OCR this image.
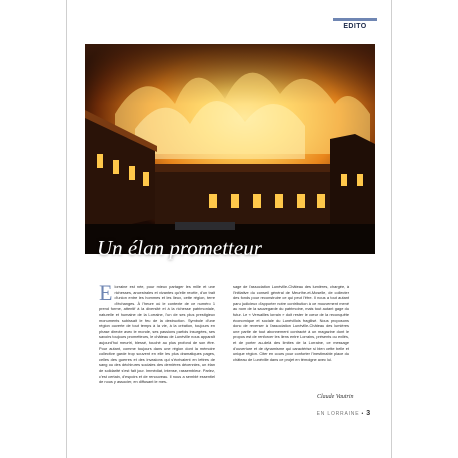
EDITO
Un élan prometteur

Elorraine est née, pour mieux partager les mille et une richesses, ancestrales et vivantes qu'elle recèle, d'un trait d'union entre les hommes et les lieux, cette région, terre d'échanges. À l'heure où le contexte de ce numéro 1 prend forme, attentif à la diversité et à la richesse patrimoniale, naturelle et humaine de la Lorraine, l'un de ses plus prestigieux monuments subissait le feu de la destruction. Symbole d'une région ouverte de tout temps à la vie, à la création, toujours en phase directe avec le monde, ses passions parfois insurgées, ses savoirs toujours prometteurs, le château de Lunéville nous apparaît aujourd'hui meurtri, blessé, touché au plus profond de son être. Pour autant, comme toujours dans une région dont la mémoire collective garde trop souvent en elle les plus dramatiques pages, celles des guerres et des invasions qui s'écrivaient en lettres de sang ou des déchirures sociales des dernières décennies, un élan de solidarité s'est fait jour. Immédiat, intense, rassembleur. Parlez, c'est certain, d'espoirs et de renouveau. Il nous a semblé essentiel de nous y associer, en diffusant le mes-

sage de l'association Lunéville-Château des lumières, chargée, à l'initiative du conseil général de Meurthe-et-Moselle, de collecter des fonds pour reconstruire ce qui peut l'être. Il nous a tout autant paru judicieux d'apporter notre contribution à ce mouvement mené au nom de la sauvegarde du patrimoine, mais tout autant gage du futur. Le « Versailles lorrain » doit rester le cœur de la reconquête économique et sociale du Lunévillois fragilisé. Nous proposons donc de reverser à l'association Lunéville-Château des lumières une partie de tout abonnement contracté à un magazine dont le propos est de renforcer les liens entre Lorrains, présents ou exilés, et de porter au-delà des limites de la Lorraine, ce message d'ouverture et de dynamisme qui caractérise si bien cette belle et unique région. Citer en cours pour conforter l'inestimable place du château de Lunéville dans ce projet en témoigne avec lui.

Claude Vautrin
EN LORRAINE • 3
